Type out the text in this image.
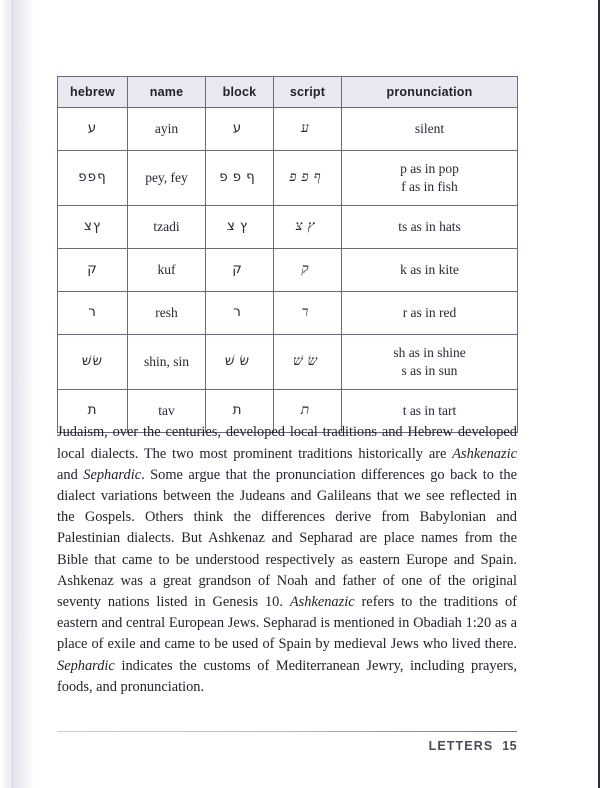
hebrew	name	block	script	pronunciation
ע	ayin	ע	ע	silent

ףפפ	pey, fey	ףפפ	ףפפ	p as in pop
f as in fish

ץצ	tzadi	ץצ	ץצ	ts as in hats

ק	kuf	ק	ק	k as in kite

ר	resh	ר	ר	r as in red

שׂשׁ	shin, sin	שׂשׁ	שׂשׁ	sh as in shine
s as in sun

ת	tav	ת	ת	t as in tart

Judaism, over the centuries, developed local traditions and Hebrew developed local dialects. The two most prominent traditions historically are Ashkenazic and Sephardic. Some argue that the pronunciation differences go back to the dialect variations between the Judeans and Galileans that we see reflected in the Gospels. Others think the differences derive from Babylonian and Palestinian dialects. But Ashkenaz and Sepharad are place names from the Bible that came to be understood respectively as eastern Europe and Spain. Ashkenaz was a great grandson of Noah and father of one of the original seventy nations listed in Genesis 10. Ashkenazic refers to the traditions of eastern and central European Jews. Sepharad is mentioned in Obadiah 1:20 as a place of exile and came to be used of Spain by medieval Jews who lived there. Sephardic indicates the customs of Mediterranean Jewry, including prayers, foods, and pronunciation.

LETTERS 15
